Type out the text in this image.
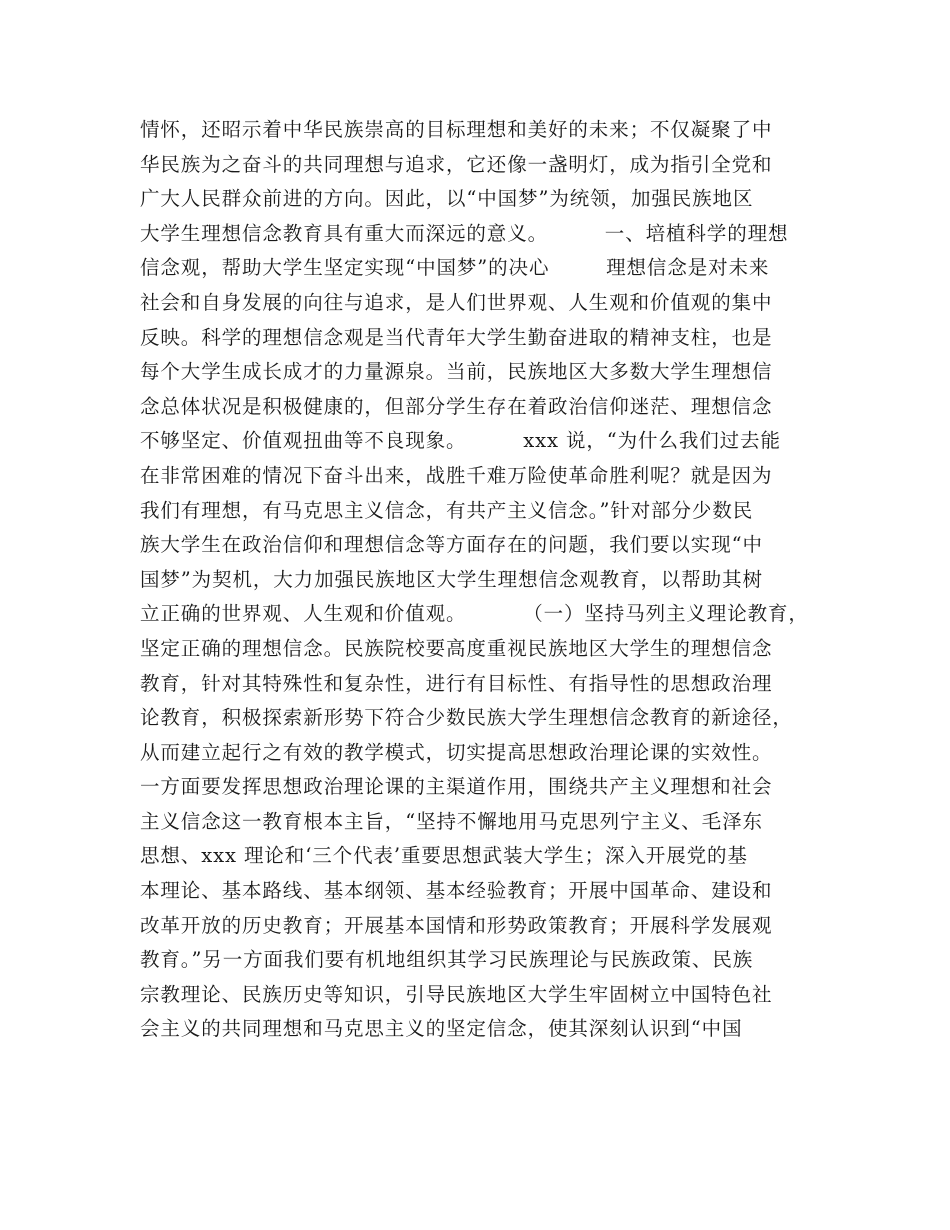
情怀，还昭示着中华民族崇高的目标理想和美好的未来；不仅凝聚了中
华民族为之奋斗的共同理想与追求，它还像一盏明灯，成为指引全党和
广大人民群众前进的方向。因此，以“中国梦”为统领，加强民族地区
大学生理想信念教育具有重大而深远的意义。        一、培植科学的理想
信念观，帮助大学生坚定实现“中国梦”的决心        理想信念是对未来
社会和自身发展的向往与追求，是人们世界观、人生观和价值观的集中
反映。科学的理想信念观是当代青年大学生勤奋进取的精神支柱，也是
每个大学生成长成才的力量源泉。当前，民族地区大多数大学生理想信
念总体状况是积极健康的，但部分学生存在着政治信仰迷茫、理想信念
不够坚定、价值观扭曲等不良现象。        xxx 说，“为什么我们过去能
在非常困难的情况下奋斗出来，战胜千难万险使革命胜利呢？就是因为
我们有理想，有马克思主义信念，有共产主义信念。”针对部分少数民
族大学生在政治信仰和理想信念等方面存在的问题，我们要以实现“中
国梦”为契机，大力加强民族地区大学生理想信念观教育，以帮助其树
立正确的世界观、人生观和价值观。        （一）坚持马列主义理论教育，
坚定正确的理想信念。民族院校要高度重视民族地区大学生的理想信念
教育，针对其特殊性和复杂性，进行有目标性、有指导性的思想政治理
论教育，积极探索新形势下符合少数民族大学生理想信念教育的新途径，
从而建立起行之有效的教学模式，切实提高思想政治理论课的实效性。
一方面要发挥思想政治理论课的主渠道作用，围绕共产主义理想和社会
主义信念这一教育根本主旨，“坚持不懈地用马克思列宁主义、毛泽东
思想、xxx 理论和‘三个代表’重要思想武装大学生；深入开展党的基
本理论、基本路线、基本纲领、基本经验教育；开展中国革命、建设和
改革开放的历史教育；开展基本国情和形势政策教育；开展科学发展观
教育。”另一方面我们要有机地组织其学习民族理论与民族政策、民族
宗教理论、民族历史等知识，引导民族地区大学生牢固树立中国特色社
会主义的共同理想和马克思主义的坚定信念，使其深刻认识到“中国
